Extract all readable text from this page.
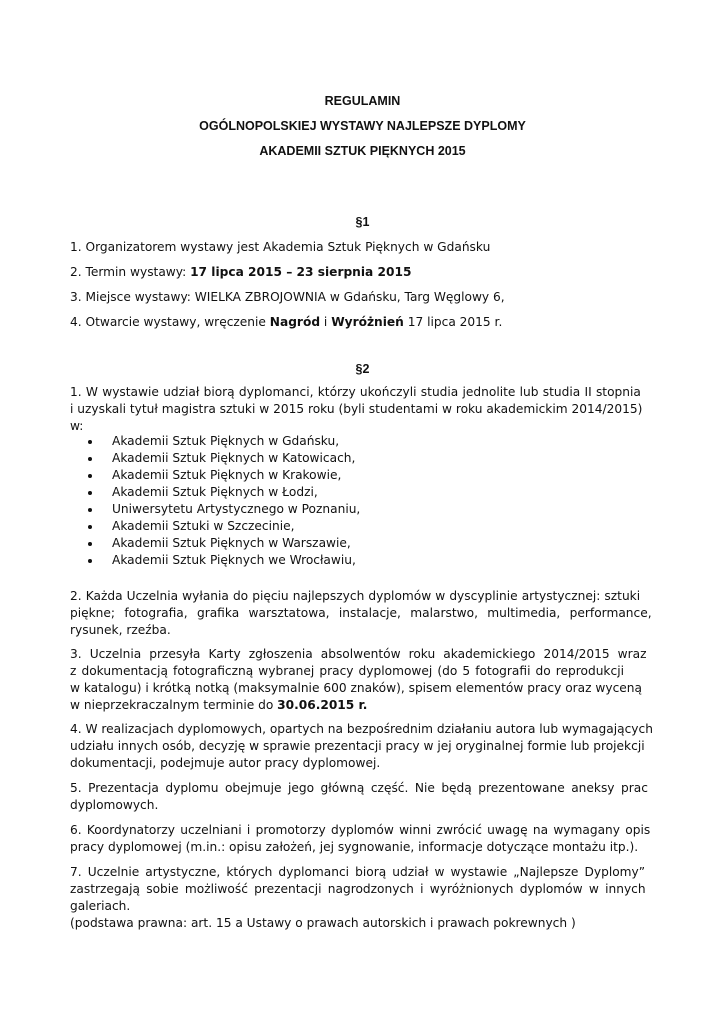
REGULAMIN
OGÓLNOPOLSKIEJ WYSTAWY NAJLEPSZE DYPLOMY
AKADEMII SZTUK PIĘKNYCH 2015
§1
1. Organizatorem wystawy jest Akademia Sztuk Pięknych w Gdańsku
2. Termin wystawy: 17 lipca 2015 – 23 sierpnia 2015
3. Miejsce wystawy: WIELKA ZBROJOWNIA w Gdańsku, Targ Węglowy 6,
4. Otwarcie wystawy, wręczenie Nagród i Wyróżnień 17 lipca 2015 r.
§2
1. W wystawie udział biorą dyplomanci, którzy ukończyli studia jednolite lub studia II stopnia
i uzyskali tytuł magistra sztuki w 2015 roku (byli studentami w roku akademickim 2014/2015)
w:
Akademii Sztuk Pięknych w Gdańsku,
Akademii Sztuk Pięknych w Katowicach,
Akademii Sztuk Pięknych w Krakowie,
Akademii Sztuk Pięknych w Łodzi,
Uniwersytetu Artystycznego w Poznaniu,
Akademii Sztuki w Szczecinie,
Akademii Sztuk Pięknych w Warszawie,
Akademii Sztuk Pięknych we Wrocławiu,
2. Każda Uczelnia wyłania do pięciu najlepszych dyplomów w dyscyplinie artystycznej: sztuki
piękne; fotografia, grafika warsztatowa, instalacje, malarstwo, multimedia, performance,
rysunek, rzeźba.
3. Uczelnia przesyła Karty zgłoszenia absolwentów roku akademickiego 2014/2015 wraz
z dokumentacją fotograficzną wybranej pracy dyplomowej (do 5 fotografii do reprodukcji
w katalogu) i krótką notką (maksymalnie 600 znaków), spisem elementów pracy oraz wyceną
w nieprzekraczalnym terminie do 30.06.2015 r.
4. W realizacjach dyplomowych, opartych na bezpośrednim działaniu autora lub wymagających
udziału innych osób, decyzję w sprawie prezentacji pracy w jej oryginalnej formie lub projekcji
dokumentacji, podejmuje autor pracy dyplomowej.
5. Prezentacja dyplomu obejmuje jego główną część. Nie będą prezentowane aneksy prac
dyplomowych.
6. Koordynatorzy uczelniani i promotorzy dyplomów winni zwrócić uwagę na wymagany opis
pracy dyplomowej (m.in.: opisu założeń, jej sygnowanie, informacje dotyczące montażu itp.).
7. Uczelnie artystyczne, których dyplomanci biorą udział w wystawie „Najlepsze Dyplomy”
zastrzegają sobie możliwość prezentacji nagrodzonych i wyróżnionych dyplomów w innych
galeriach.
(podstawa prawna: art. 15 a Ustawy o prawach autorskich i prawach pokrewnych )
